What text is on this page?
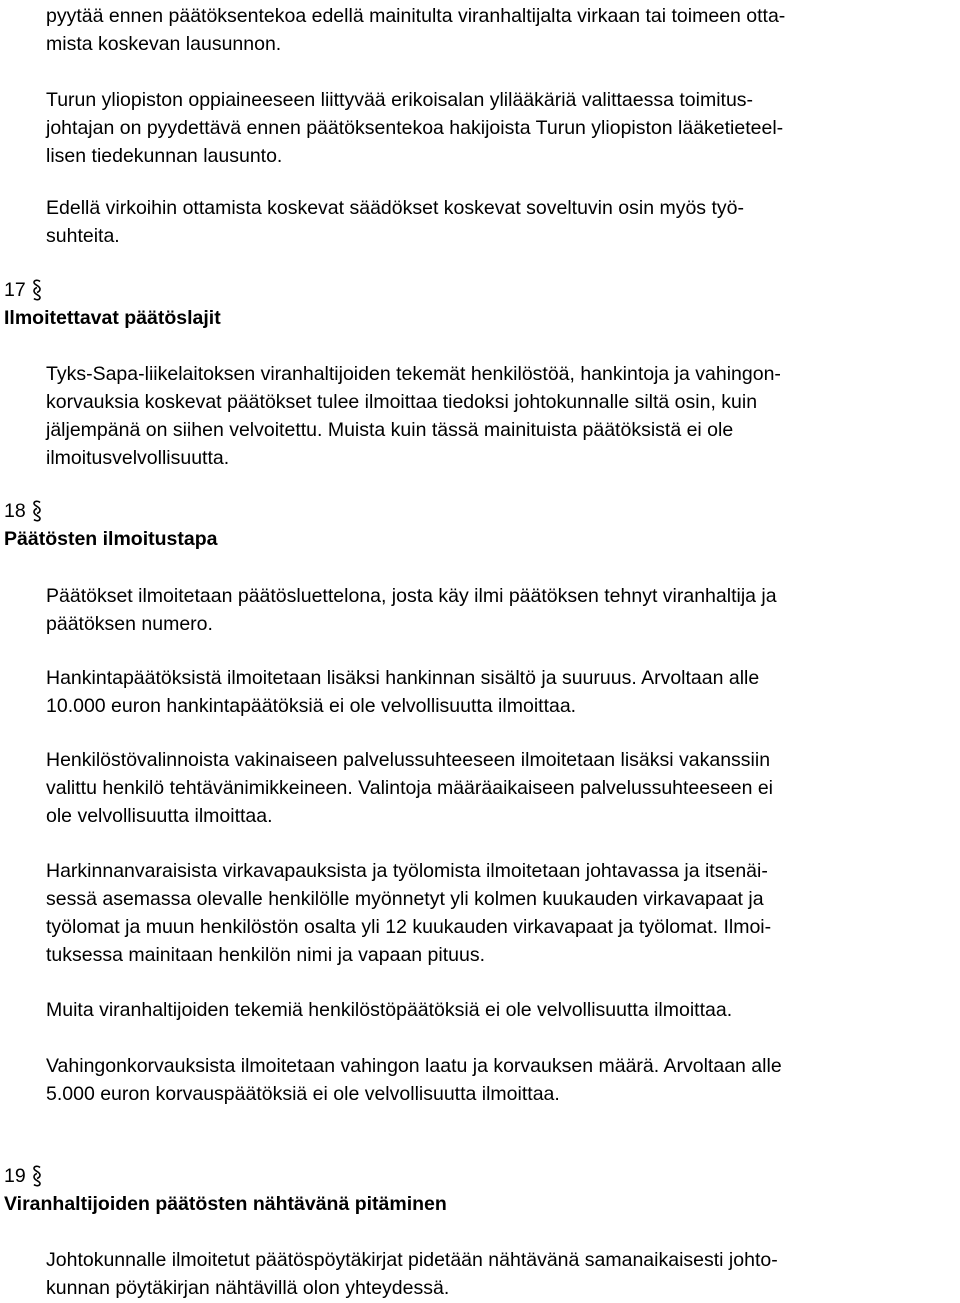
pyytää ennen päätöksentekoa edellä mainitulta viranhaltijalta virkaan tai toimeen otta-
mista koskevan lausunnon.
Turun yliopiston oppiaineeseen liittyvää erikoisalan ylilääkäriä valittaessa toimitus-
johtajan on pyydettävä ennen päätöksentekoa hakijoista Turun yliopiston lääketieteel-
lisen tiedekunnan lausunto.
Edellä virkoihin ottamista koskevat säädökset koskevat soveltuvin osin myös työ-
suhteita.
17
Ilmoitettavat päätöslajit
Tyks-Sapa-liikelaitoksen viranhaltijoiden tekemät henkilöstöä, hankintoja ja vahingon-
korvauksia koskevat päätökset tulee ilmoittaa tiedoksi johtokunnalle siltä osin, kuin
jäljempänä on siihen velvoitettu. Muista kuin tässä mainituista päätöksistä ei ole
ilmoitusvelvollisuutta.
18
Päätösten ilmoitustapa
Päätökset ilmoitetaan päätösluettelona, josta käy ilmi päätöksen tehnyt viranhaltija ja
päätöksen numero.
Hankintapäätöksistä ilmoitetaan lisäksi hankinnan sisältö ja suuruus. Arvoltaan alle
10.000 euron hankintapäätöksiä ei ole velvollisuutta ilmoittaa.
Henkilöstövalinnoista vakinaiseen palvelussuhteeseen ilmoitetaan lisäksi vakanssiin
valittu henkilö tehtävänimikkeineen. Valintoja määräaikaiseen palvelussuhteeseen ei
ole velvollisuutta ilmoittaa.
Harkinnanvaraisista virkavapauksista ja työlomista ilmoitetaan johtavassa ja itsenäi-
sessä asemassa olevalle henkilölle myönnetyt yli kolmen kuukauden virkavapaat ja
työlomat ja muun henkilöstön osalta yli 12 kuukauden virkavapaat ja työlomat. Ilmoi-
tuksessa mainitaan henkilön nimi ja vapaan pituus.
Muita viranhaltijoiden tekemiä henkilöstöpäätöksiä ei ole velvollisuutta ilmoittaa.
Vahingonkorvauksista ilmoitetaan vahingon laatu ja korvauksen määrä. Arvoltaan alle
5.000 euron korvauspäätöksiä ei ole velvollisuutta ilmoittaa.
19
Viranhaltijoiden päätösten nähtävänä pitäminen
Johtokunnalle ilmoitetut päätöspöytäkirjat pidetään nähtävänä samanaikaisesti johto-
kunnan pöytäkirjan nähtävillä olon yhteydessä.
